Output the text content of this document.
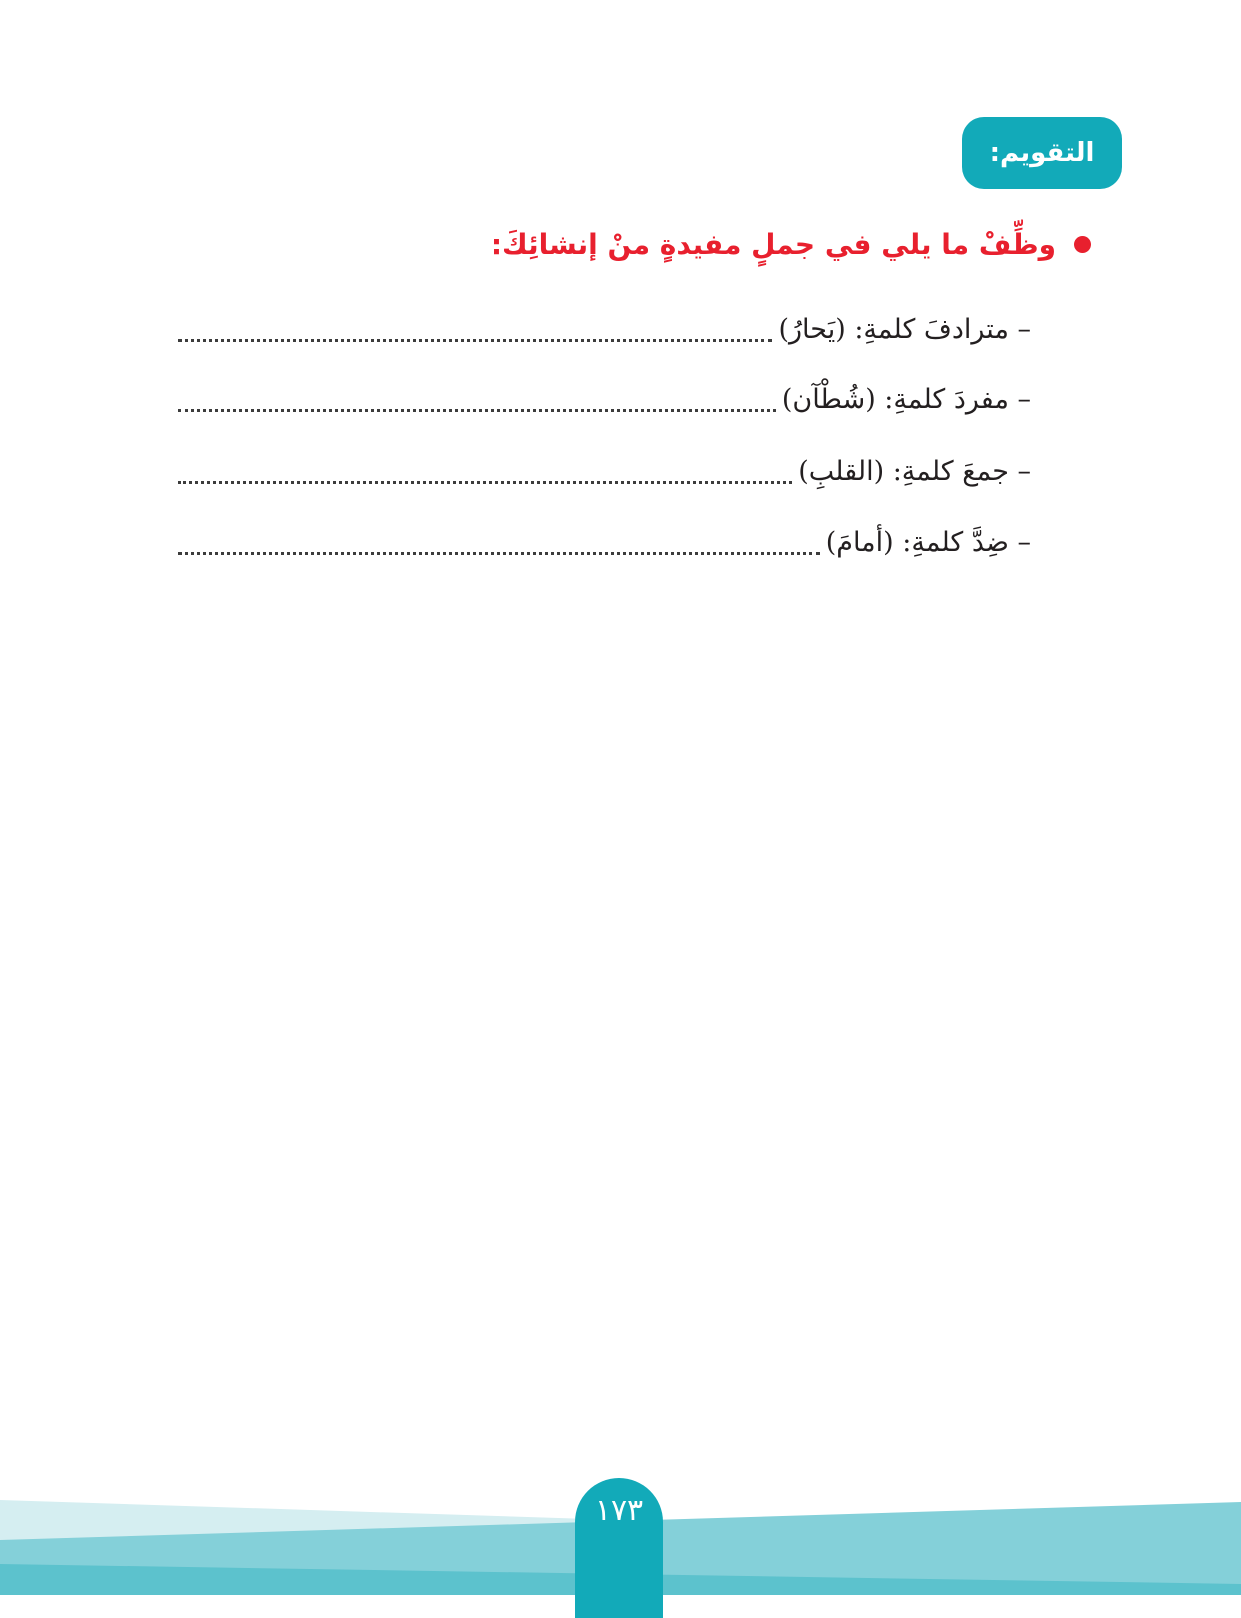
التقويم:
وظِّفْ ما يلي في جملٍ مفيدةٍ منْ إنشائِكَ:
– مترادفَ كلمةِ: (يَحارُ)
– مفردَ كلمةِ: (شُطْآن)
– جمعَ كلمةِ: (القلبِ)
– ضِدَّ كلمةِ: (أمامَ)
١٧٣
